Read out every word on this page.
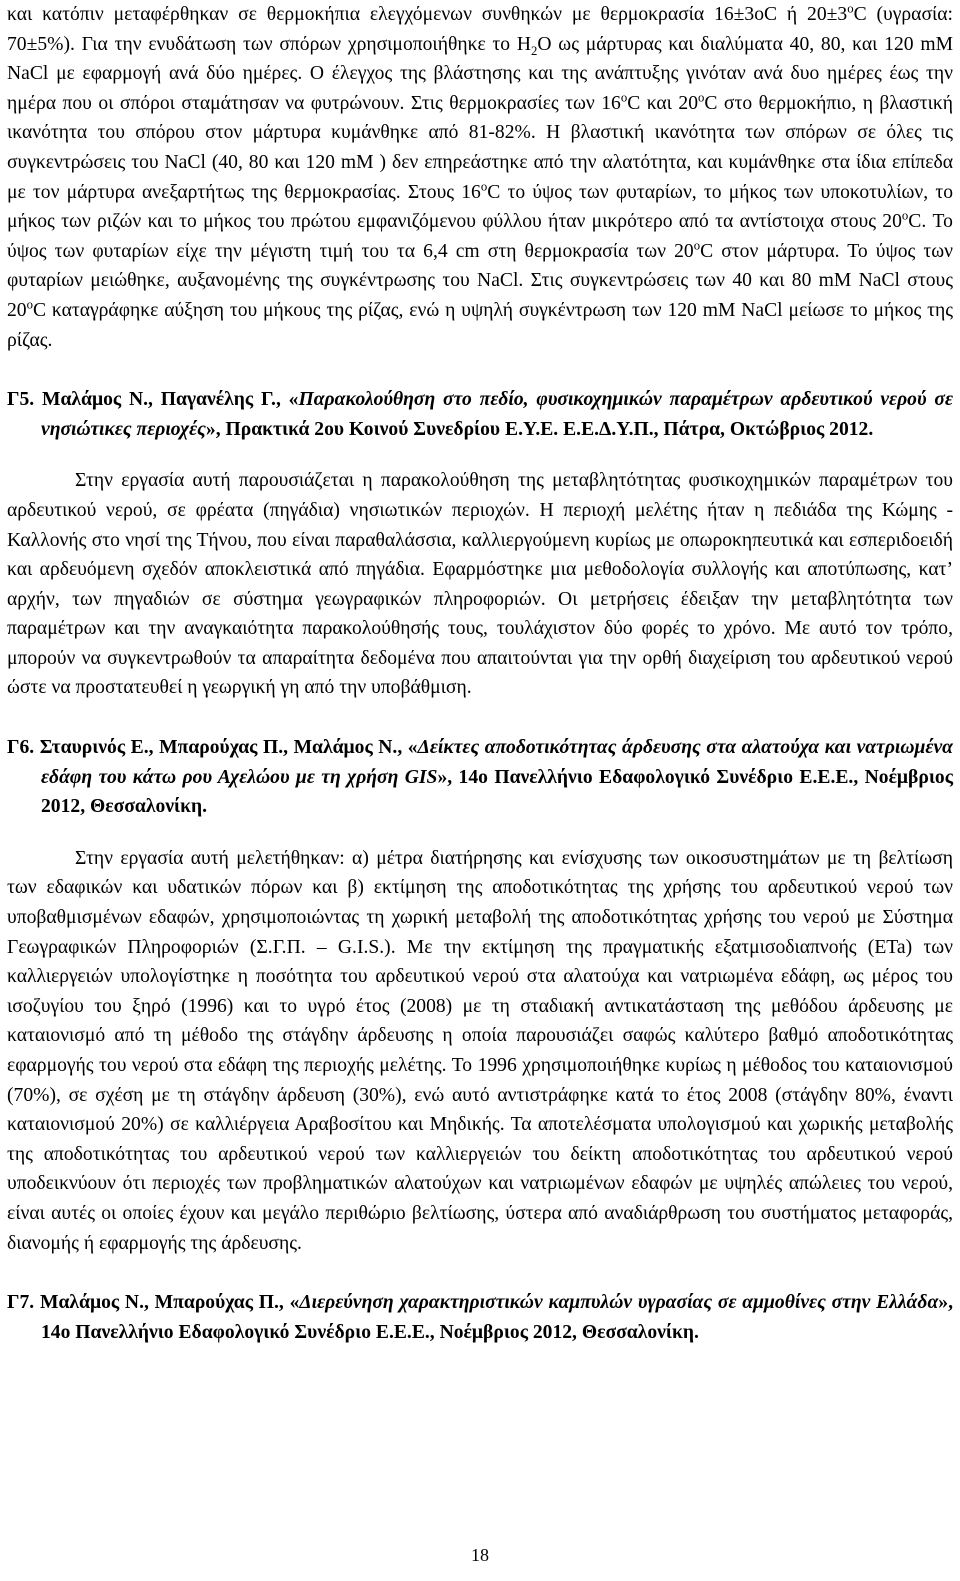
και κατόπιν μεταφέρθηκαν σε θερμοκήπια ελεγχόμενων συνθηκών με θερμοκρασία 16±3oC ή $20\pm 3^oC$ (υγρασία: 70±5%). Για την ενυδάτωση των σπόρων χρησιμοποιήθηκε το $H_2O$ ως μάρτυρας και διαλύματα 40, 80, και 120 mM NaCl με εφαρμογή ανά δύο ημέρες. Ο έλεγχος της βλάστησης και της ανάπτυξης γινόταν ανά δυο ημέρες έως την ημέρα που οι σπόροι σταμάτησαν να φυτρώνουν. Στις θερμοκρασίες των 16$^o$C και 20$^o$C στο θερμοκήπιο, η βλαστική ικανότητα του σπόρου στον μάρτυρα κυμάνθηκε από 81-82%. Η βλαστική ικανότητα των σπόρων σε όλες τις συγκεντρώσεις του NaCl (40, 80 και 120 mM ) δεν επηρεάστηκε από την αλατότητα, και κυμάνθηκε στα ίδια επίπεδα με τον μάρτυρα ανεξαρτήτως της θερμοκρασίας. Στους 16$^o$C το ύψος των φυταρίων, το μήκος των υποκοτυλίων, το μήκος των ριζών και το μήκος του πρώτου εμφανιζόμενου φύλλου ήταν μικρότερο από τα αντίστοιχα στους 20$^o$C. Το ύψος των φυταρίων είχε την μέγιστη τιμή του τα 6,4 cm στη θερμοκρασία των 20$^o$C στον μάρτυρα. Το ύψος των φυταρίων μειώθηκε, αυξανομένης της συγκέντρωσης του NaCl. Στις συγκεντρώσεις των 40 και 80 mM NaCl στους 20$^o$C καταγράφηκε αύξηση του μήκους της ρίζας, ενώ η υψηλή συγκέντρωση των 120 mM NaCl μείωσε το μήκος της ρίζας.

Γ5. Μαλάμος Ν., Παγανέλης Γ., «Παρακολούθηση στο πεδίο, φυσικοχημικών παραμέτρων αρδευτικού νερού σε νησιώτικες περιοχές», Πρακτικά 2ου Κοινού Συνεδρίου Ε.Υ.Ε. Ε.Ε.Δ.Υ.Π., Πάτρα, Οκτώβριος 2012.

Στην εργασία αυτή παρουσιάζεται η παρακολούθηση της μεταβλητότητας φυσικοχημικών παραμέτρων του αρδευτικού νερού, σε φρέατα (πηγάδια) νησιωτικών περιοχών. Η περιοχή μελέτης ήταν η πεδιάδα της Κώμης - Καλλονής στο νησί της Τήνου, που είναι παραθαλάσσια, καλλιεργούμενη κυρίως με οπωροκηπευτικά και εσπεριδοειδή και αρδευόμενη σχεδόν αποκλειστικά από πηγάδια. Εφαρμόστηκε μια μεθοδολογία συλλογής και αποτύπωσης, κατ’ αρχήν, των πηγαδιών σε σύστημα γεωγραφικών πληροφοριών. Οι μετρήσεις έδειξαν την μεταβλητότητα των παραμέτρων και την αναγκαιότητα παρακολούθησής τους, τουλάχιστον δύο φορές το χρόνο. Με αυτό τον τρόπο, μπορούν να συγκεντρωθούν τα απαραίτητα δεδομένα που απαιτούνται για την ορθή διαχείριση του αρδευτικού νερού ώστε να προστατευθεί η γεωργική γη από την υποβάθμιση.

Γ6. Σταυρινός Ε., Μπαρούχας Π., Μαλάμος Ν., «Δείκτες αποδοτικότητας άρδευσης στα αλατούχα και νατριωμένα εδάφη του κάτω ρου Αχελώου με τη χρήση GIS», 14ο Πανελλήνιο Εδαφολογικό Συνέδριο Ε.Ε.Ε., Νοέμβριος 2012, Θεσσαλονίκη.

Στην εργασία αυτή μελετήθηκαν: α) μέτρα διατήρησης και ενίσχυσης των οικοσυστημάτων με τη βελτίωση των εδαφικών και υδατικών πόρων και β) εκτίμηση της αποδοτικότητας της χρήσης του αρδευτικού νερού των υποβαθμισμένων εδαφών, χρησιμοποιώντας τη χωρική μεταβολή της αποδοτικότητας χρήσης του νερού με Σύστημα Γεωγραφικών Πληροφοριών (Σ.Γ.Π. – G.I.S.). Με την εκτίμηση της πραγματικής εξατμισοδιαπνοής (ETa) των καλλιεργειών υπολογίστηκε η ποσότητα του αρδευτικού νερού στα αλατούχα και νατριωμένα εδάφη, ως μέρος του ισοζυγίου του ξηρό (1996) και το υγρό έτος (2008) με τη σταδιακή αντικατάσταση της μεθόδου άρδευσης με καταιονισμό από τη μέθοδο της στάγδην άρδευσης η οποία παρουσιάζει σαφώς καλύτερο βαθμό αποδοτικότητας εφαρμογής του νερού στα εδάφη της περιοχής μελέτης. Το 1996 χρησιμοποιήθηκε κυρίως η μέθοδος του καταιονισμού (70%), σε σχέση με τη στάγδην άρδευση (30%), ενώ αυτό αντιστράφηκε κατά το έτος 2008 (στάγδην 80%, έναντι καταιονισμού 20%) σε καλλιέργεια Αραβοσίτου και Μηδικής. Τα αποτελέσματα υπολογισμού και χωρικής μεταβολής της αποδοτικότητας του αρδευτικού νερού των καλλιεργειών του δείκτη αποδοτικότητας του αρδευτικού νερού υποδεικνύουν ότι περιοχές των προβληματικών αλατούχων και νατριωμένων εδαφών με υψηλές απώλειες του νερού, είναι αυτές οι οποίες έχουν και μεγάλο περιθώριο βελτίωσης, ύστερα από αναδιάρθρωση του συστήματος μεταφοράς, διανομής ή εφαρμογής της άρδευσης.

Γ7. Μαλάμος Ν., Μπαρούχας Π., «Διερεύνηση χαρακτηριστικών καμπυλών υγρασίας σε αμμοθίνες στην Ελλάδα», 14ο Πανελλήνιο Εδαφολογικό Συνέδριο Ε.Ε.Ε., Νοέμβριος 2012, Θεσσαλονίκη.

18
